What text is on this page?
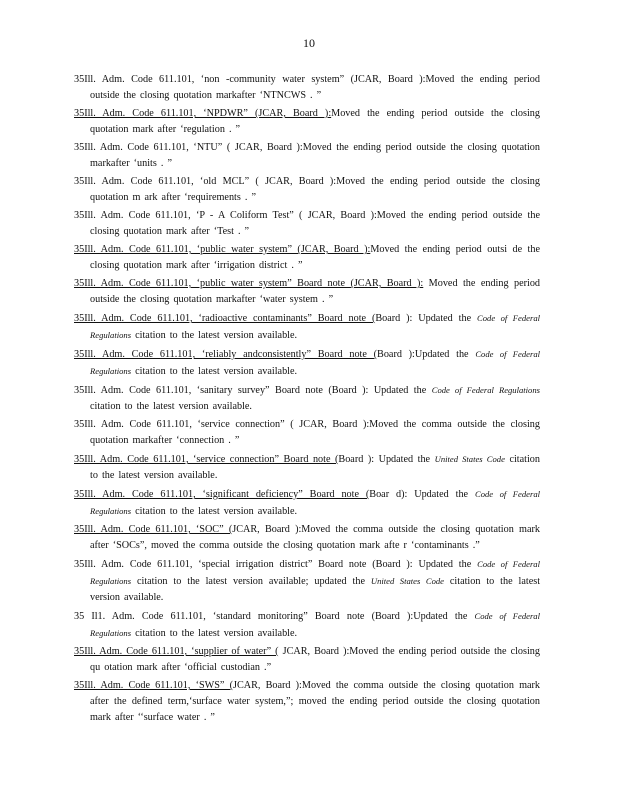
10

35Ill. Adm. Code 611.101, ‘non -community water system” (JCAR, Board ):Moved the ending period outside the closing quotation markafter ‘NTNCWS . ”

35Ill. Adm. Code 611.101, ‘NPDWR” (JCAR, Board ):Moved the ending period outside the closing quotation mark after ‘regulation . ”

35Ill. Adm. Code 611.101, ‘NTU” ( JCAR, Board ):Moved the ending period outside the closing quotation markafter ‘units . ”

35Ill. Adm. Code 611.101, ‘old MCL” ( JCAR, Board ):Moved the ending period outside the closing quotation m ark after ‘requirements . ”

35Ill. Adm. Code 611.101, ‘P - A Coliform Test” ( JCAR, Board ):Moved the ending period outside the closing quotation mark after ‘Test . ”

35Ill. Adm. Code 611.101, ‘public water system” (JCAR, Board ):Moved the ending period outsi de the closing quotation mark after ‘irrigation district . ”

35Ill. Adm. Code 611.101, ‘public water system” Board note (JCAR, Board ): Moved the ending period outside the closing quotation markafter ‘water system . ”

35Ill. Adm. Code 611.101, ‘radioactive contaminants” Board note (Board ): Updated the Code of Federal Regulations citation to the latest version available.

35Ill. Adm. Code 611.101, ‘reliably andconsistently” Board note (Board ):Updated the Code of Federal Regulations citation to the latest version available.

35Ill. Adm. Code 611.101, ‘sanitary survey” Board note (Board ): Updated the Code of Federal Regulations citation to the latest version available.

35Ill. Adm. Code 611.101, ‘service connection” ( JCAR, Board ):Moved the comma outside the closing quotation markafter ‘connection . ”

35Ill. Adm. Code 611.101, ‘service connection” Board note (Board ): Updated the United States Code citation to the latest version available.

35Ill. Adm. Code 611.101, ‘significant deficiency” Board note (Boar d): Updated the Code of Federal Regulations citation to the latest version available.

35Ill. Adm. Code 611.101, ‘SOC” (JCAR, Board ):Moved the comma outside the closing quotation mark after ‘SOCs”, moved the comma outside the closing quotation mark afte r ‘contaminants .”

35Ill. Adm. Code 611.101, ‘special irrigation district” Board note (Board ): Updated the Code of Federal Regulations citation to the latest version available; updated the United States Code citation to the latest version available.

35 Il1. Adm. Code 611.101, ‘standard monitoring” Board note (Board ):Updated the Code of Federal Regulations citation to the latest version available.

35Ill. Adm. Code 611.101, ‘supplier of water” ( JCAR, Board ):Moved the ending period outside the closing qu otation mark after ‘official custodian .”

35Ill. Adm. Code 611.101, ‘SWS” (JCAR, Board ):Moved the comma outside the closing quotation mark after the defined term,‘surface water system,”; moved the ending period outside the closing quotation mark after ‘‘surface water . ”
